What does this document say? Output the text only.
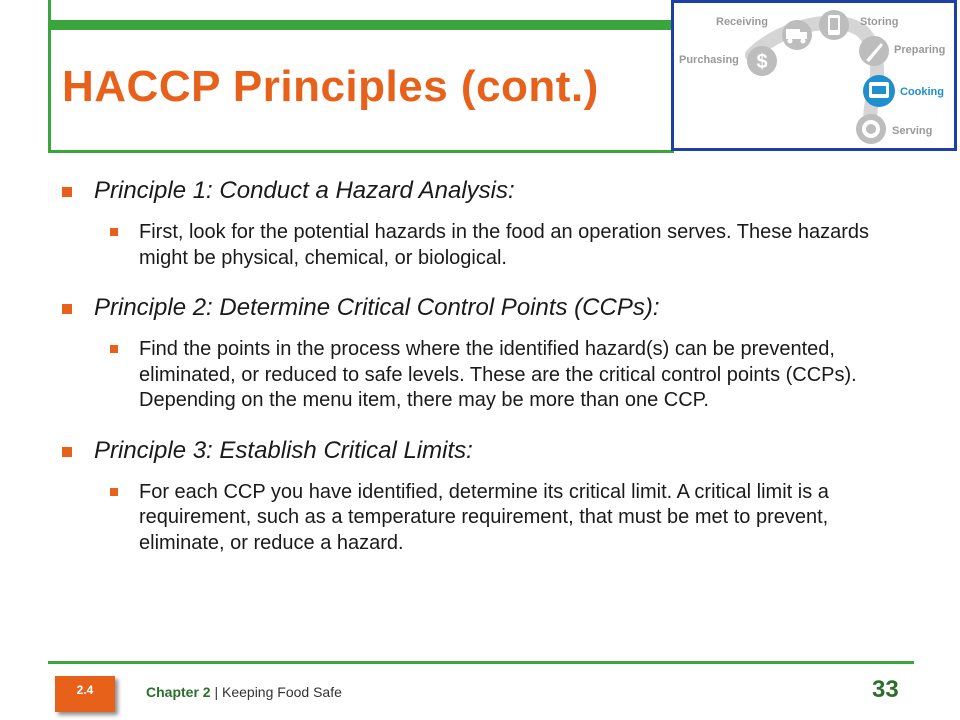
HACCP Principles (cont.)
Receiving	Storing
Purchasing $
Preparing
Cooking
Serving
Principle 1: Conduct a Hazard Analysis:
First, look for the potential hazards in the food an operation serves. These hazards might be physical, chemical, or biological.
Principle 2: Determine Critical Control Points (CCPs):
Find the points in the process where the identified hazard(s) can be prevented, eliminated, or reduced to safe levels. These are the critical control points (CCPs). Depending on the menu item, there may be more than one CCP.
Principle 3: Establish Critical Limits:
For each CCP you have identified, determine its critical limit. A critical limit is a requirement, such as a temperature requirement, that must be met to prevent, eliminate, or reduce a hazard.
2.4	Chapter 2 | Keeping Food Safe	33
